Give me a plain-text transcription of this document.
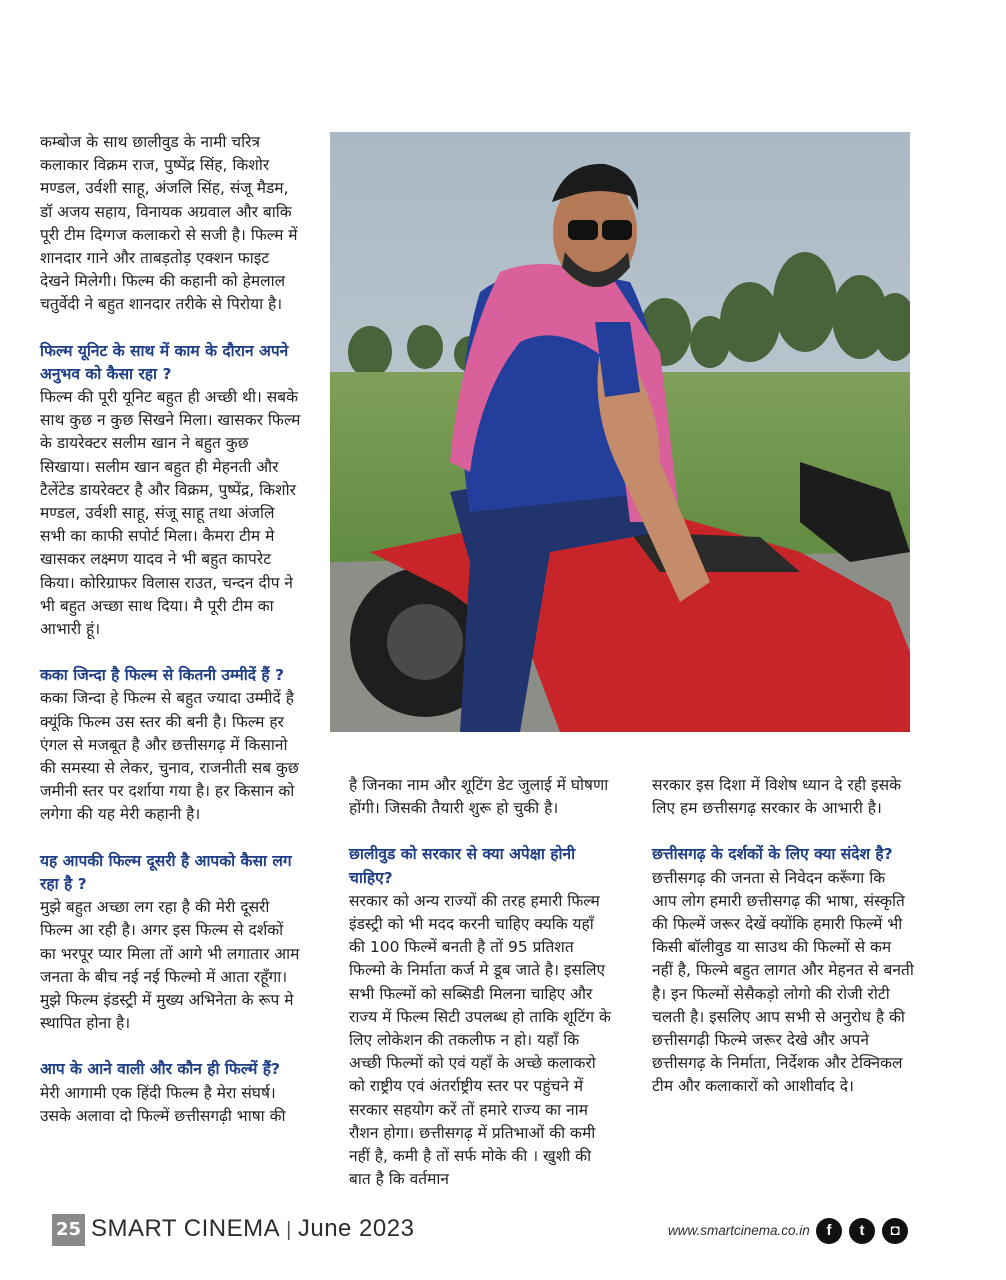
कम्बोज के साथ छालीवुड के नामी चरित्र कलाकार विक्रम राज, पुष्पेंद्र सिंह, किशोर मण्डल, उर्वशी साहू, अंजलि सिंह, संजू मैडम, डॉ अजय सहाय, विनायक अग्रवाल और बाकि पूरी टीम दिग्गज कलाकरो से सजी है। फिल्म में शानदार गाने और ताबड़तोड़ एक्शन फाइट देखने मिलेगी। फिल्म की कहानी को हेमलाल चतुर्वेदी ने बहुत शानदार तरीके से पिरोया है।

फिल्म यूनिट के साथ में काम के दौरान अपने अनुभव को कैसा रहा ?

फिल्म की पूरी यूनिट बहुत ही अच्छी थी। सबके साथ कुछ न कुछ सिखने मिला। खासकर फिल्म के डायरेक्टर सलीम खान ने बहुत कुछ सिखाया। सलीम खान बहुत ही मेहनती और टैलेंटेड डायरेक्टर है और विक्रम, पुष्पेंद्र, किशोर मण्डल, उर्वशी साहू, संजू साहू तथा अंजलि सभी का काफी सपोर्ट मिला। कैमरा टीम मे खासकर लक्ष्मण यादव ने भी बहुत कापरेट किया। कोरिग्राफर विलास राउत, चन्दन दीप ने भी बहुत अच्छा साथ दिया। मै पूरी टीम का आभारी हूं।

कका जिन्दा है फिल्म से कितनी उम्मीदें हैं ?

कका जिन्दा हे फिल्म से बहुत ज्यादा उम्मीदें है क्यूंकि फिल्म उस स्तर की बनी है। फिल्म हर एंगल से मजबूत है और छत्तीसगढ़ में किसानो की समस्या से लेकर, चुनाव, राजनीती सब कुछ जमीनी स्तर पर दर्शाया गया है। हर किसान को लगेगा की यह मेरी कहानी है।

यह आपकी फिल्म दूसरी है आपको कैसा लग रहा है ?

मुझे बहुत अच्छा लग रहा है की मेरी दूसरी फिल्म आ रही है। अगर इस फिल्म से दर्शकों का भरपूर प्यार मिला तों आगे भी लगातार आम जनता के बीच नई नई फिल्मो में आता रहूँगा। मुझे फिल्म इंडस्ट्री में मुख्य अभिनेता के रूप मे स्थापित होना है।

आप के आने वाली और कौन ही फिल्में हैं?

मेरी आगामी एक हिंदी फिल्म है मेरा संघर्ष। उसके अलावा दो फिल्में छत्तीसगढ़ी भाषा की

है जिनका नाम और शूटिंग डेट जुलाई में घोषणा होंगी। जिसकी तैयारी शुरू हो चुकी है।

छालीवुड को सरकार से क्या अपेक्षा होनी चाहिए?

सरकार को अन्य राज्यों की तरह हमारी फिल्म इंडस्ट्री को भी मदद करनी चाहिए क्यकि यहाँ की 100 फिल्में बनती है तों 95 प्रतिशत फिल्मो के निर्माता कर्ज मे डूब जाते है। इसलिए सभी फिल्मों को सब्सिडी मिलना चाहिए और राज्य में फिल्म सिटी उपलब्ध हो ताकि शूटिंग के लिए लोकेशन की तकलीफ न हो। यहाँ कि अच्छी फिल्मों को एवं यहाँ के अच्छे कलाकरो को राष्ट्रीय एवं अंतर्राष्ट्रीय स्तर पर पहुंचने में सरकार सहयोग करें तों हमारे राज्य का नाम रौशन होगा। छत्तीसगढ़ में प्रतिभाओं की कमी नहीं है, कमी है तों सर्फ मोके की । खुशी की बात है कि वर्तमान

सरकार इस दिशा में विशेष ध्यान दे रही इसके लिए हम छत्तीसगढ़ सरकार के आभारी है।

छत्तीसगढ़ के दर्शकों के लिए क्या संदेश है?

छत्तीसगढ़ की जनता से निवेदन करूँगा कि आप लोग हमारी छत्तीसगढ़ की भाषा, संस्कृति की फिल्में जरूर देखें क्योंकि हमारी फिल्में भी किसी बॉलीवुड या साउथ की फिल्मों से कम नहीं है, फिल्मे बहुत लागत और मेहनत से बनती है। इन फिल्मों सेसैकड़ो लोगो की रोजी रोटी चलती है। इसलिए आप सभी से अनुरोध है की छत्तीसगढ़ी फिल्मे जरूर देखे और अपने छत्तीसगढ़ के निर्माता, निर्देशक और टेक्निकल टीम और कलाकारों को आशीर्वाद दे।

25 SMART CINEMA | June 2023	www.smartcinema.co.in	f	t	◘
